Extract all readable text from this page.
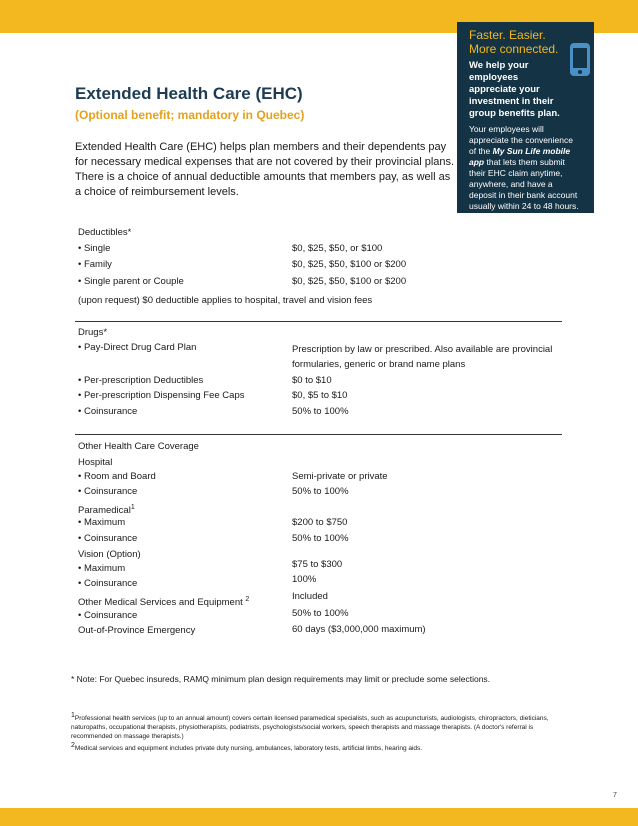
Faster. Easier.
More connected.
We help your employees appreciate your investment in their group benefits plan.
Your employees will appreciate the convenience of the My Sun Life mobile app that lets them submit their EHC claim anytime, anywhere, and have a deposit in their bank account usually within 24 to 48 hours.
Extended Health Care (EHC)
(Optional benefit; mandatory in Quebec)

Extended Health Care (EHC) helps plan members and their dependents pay for necessary medical expenses that are not covered by their provincial plans. There is a choice of annual deductible amounts that members pay, as well as a choice of reimbursement levels.

Deductibles*
• Single	$0, $25, $50, or $100
• Family	$0, $25, $50, $100 or $200
• Single parent or Couple	$0, $25, $50, $100 or $200
(upon request) $0 deductible applies to hospital, travel and vision fees
Drugs*
• Pay-Direct Drug Card Plan	Prescription by law or prescribed. Also available are provincial formularies, generic or brand name plans
• Per-prescription Deductibles	$0 to $10
• Per-prescription Dispensing Fee Caps	$0, $5 to $10
• Coinsurance	50% to 100%
Other Health Care Coverage
Hospital
• Room and Board	Semi-private or private
• Coinsurance	50% to 100%
Paramedical$^1$
• Maximum	$200 to $750
• Coinsurance	50% to 100%
Vision (Option)
• Maximum	$75 to $300
• Coinsurance	100%
Other Medical Services and Equipment $^2$	Included
• Coinsurance	50% to 100%
Out-of-Province Emergency	60 days ($3,000,000 maximum)
* Note: For Quebec insureds, RAMQ minimum plan design requirements may limit or preclude some selections.
$^1$Professional health services (up to an annual amount) covers certain licensed paramedical specialists, such as acupuncturists, audiologists, chiropractors, dieticians, naturopaths, occupational therapists, physiotherapists, podiatrists, psychologists/social workers, speech therapists and massage therapists. (A doctor's referral is recommended on massage therapists.)
$^2$Medical services and equipment includes private duty nursing, ambulances, laboratory tests, artificial limbs, hearing aids.
7
